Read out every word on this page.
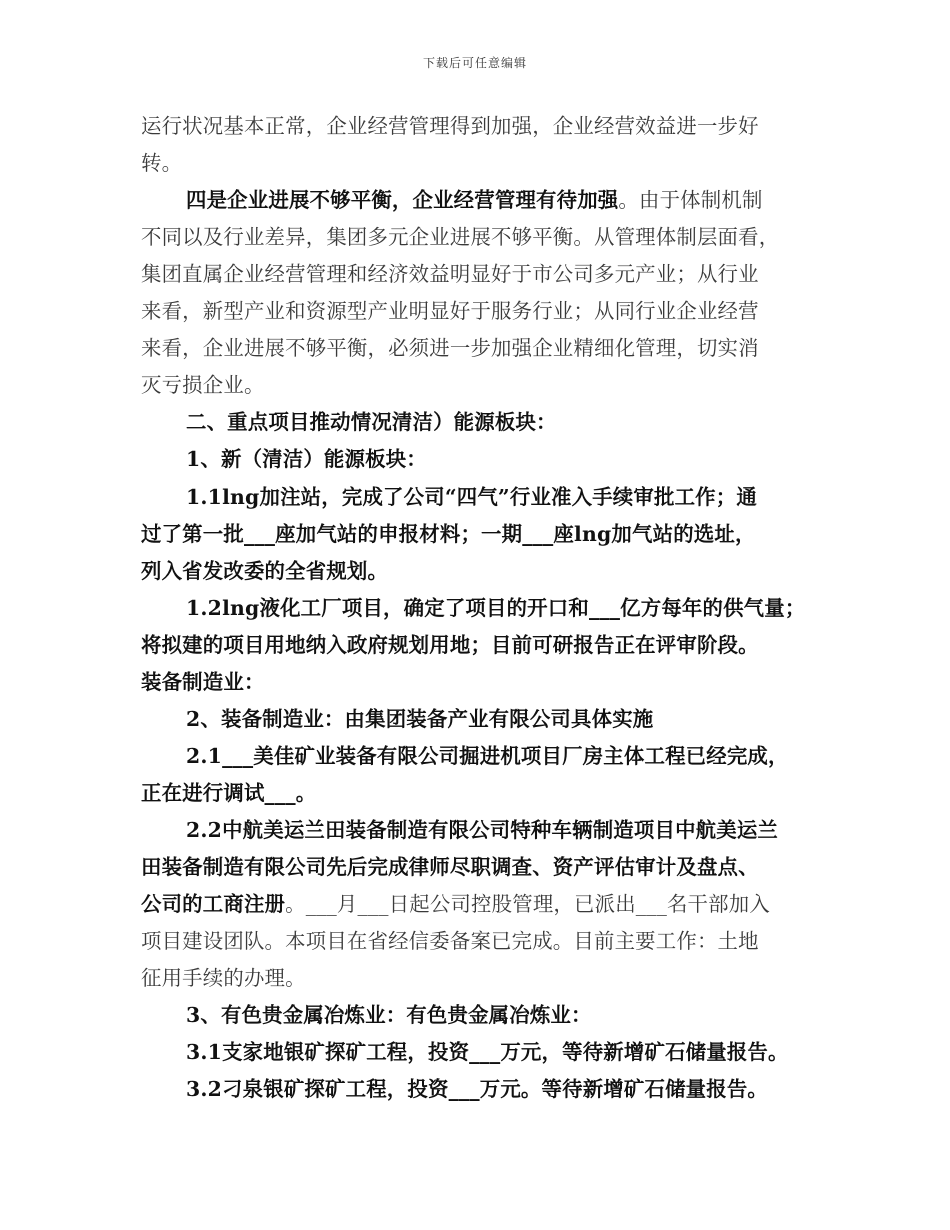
下载后可任意编辑
运行状况基本正常，企业经营管理得到加强，企业经营效益进一步好
转。
四是企业进展不够平衡，企业经营管理有待加强。由于体制机制
不同以及行业差异，集团多元企业进展不够平衡。从管理体制层面看，
集团直属企业经营管理和经济效益明显好于市公司多元产业；从行业
来看，新型产业和资源型产业明显好于服务行业；从同行业企业经营
来看，企业进展不够平衡，必须进一步加强企业精细化管理，切实消
灭亏损企业。
二、重点项目推动情况清洁）能源板块：
1、新（清洁）能源板块：
1.1lng加注站，完成了公司“四气”行业准入手续审批工作；通
过了第一批___座加气站的申报材料；一期___座lng加气站的选址，
列入省发改委的全省规划。
1.2lng液化工厂项目，确定了项目的开口和___亿方每年的供气量；
将拟建的项目用地纳入政府规划用地；目前可研报告正在评审阶段。
装备制造业：
2、装备制造业：由集团装备产业有限公司具体实施
2.1___美佳矿业装备有限公司掘进机项目厂房主体工程已经完成，
正在进行调试___。
2.2中航美运兰田装备制造有限公司特种车辆制造项目中航美运兰
田装备制造有限公司先后完成律师尽职调查、资产评估审计及盘点、
公司的工商注册。___月___日起公司控股管理，已派出___名干部加入
项目建设团队。本项目在省经信委备案已完成。目前主要工作：土地
征用手续的办理。
3、有色贵金属冶炼业：有色贵金属冶炼业：
3.1支家地银矿探矿工程，投资___万元，等待新增矿石储量报告。
3.2刁泉银矿探矿工程，投资___万元。等待新增矿石储量报告。
